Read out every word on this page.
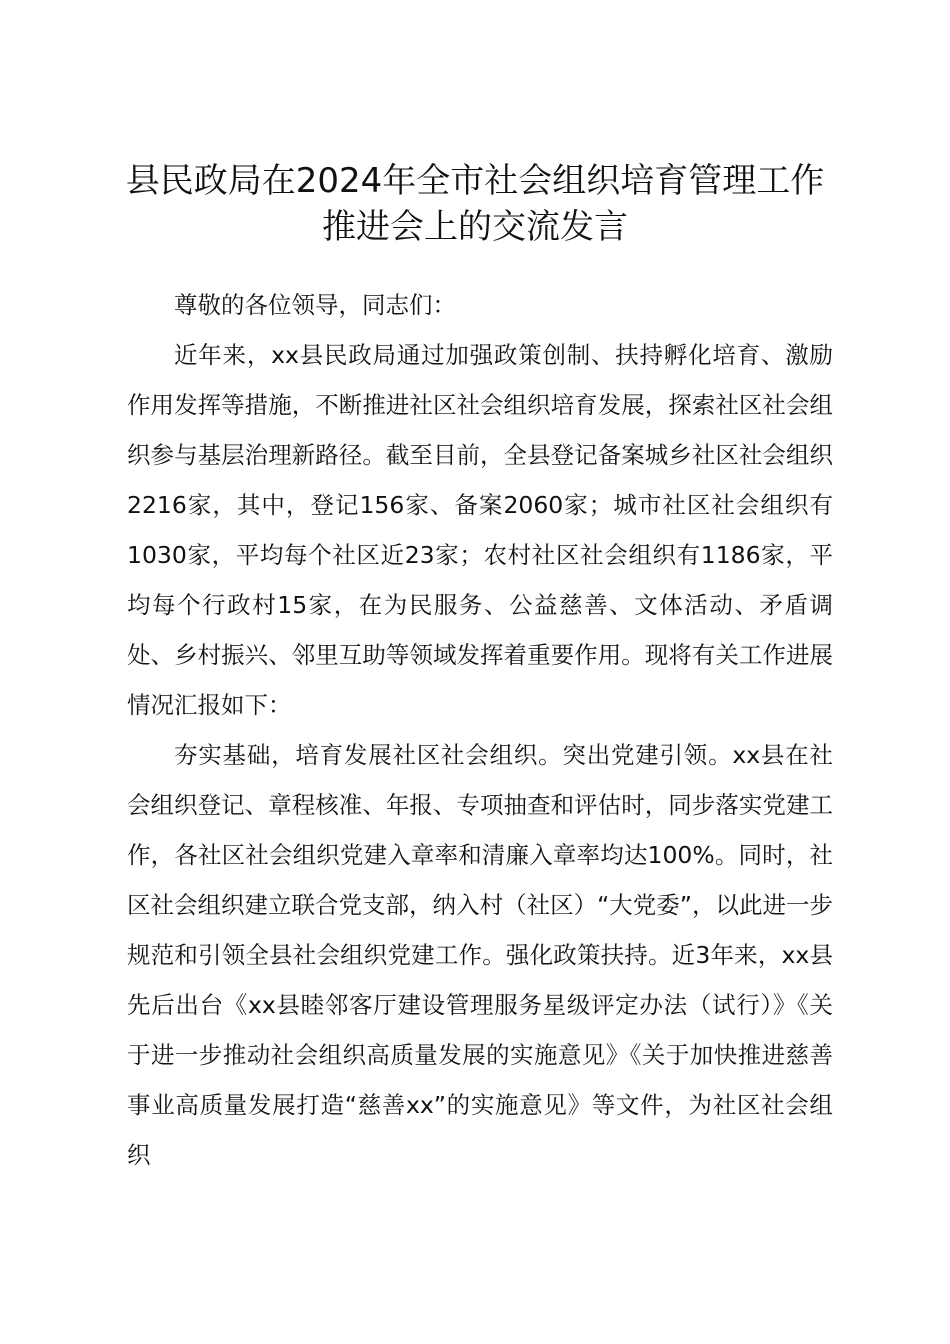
县民政局在2024年全市社会组织培育管理工作推进会上的交流发言

尊敬的各位领导，同志们：

近年来，xx县民政局通过加强政策创制、扶持孵化培育、激励作用发挥等措施，不断推进社区社会组织培育发展，探索社区社会组织参与基层治理新路径。截至目前，全县登记备案城乡社区社会组织2216家，其中，登记156家、备案2060家；城市社区社会组织有1030家，平均每个社区近23家；农村社区社会组织有1186家，平均每个行政村15家，在为民服务、公益慈善、文体活动、矛盾调处、乡村振兴、邻里互助等领域发挥着重要作用。现将有关工作进展情况汇报如下：

夯实基础，培育发展社区社会组织。突出党建引领。xx县在社会组织登记、章程核准、年报、专项抽查和评估时，同步落实党建工作，各社区社会组织党建入章率和清廉入章率均达100%。同时，社区社会组织建立联合党支部，纳入村（社区）“大党委”，以此进一步规范和引领全县社会组织党建工作。强化政策扶持。近3年来，xx县先后出台《xx县睦邻客厅建设管理服务星级评定办法（试行）》《关于进一步推动社会组织高质量发展的实施意见》《关于加快推进慈善事业高质量发展打造“慈善xx”的实施意见》等文件，为社区社会组织
